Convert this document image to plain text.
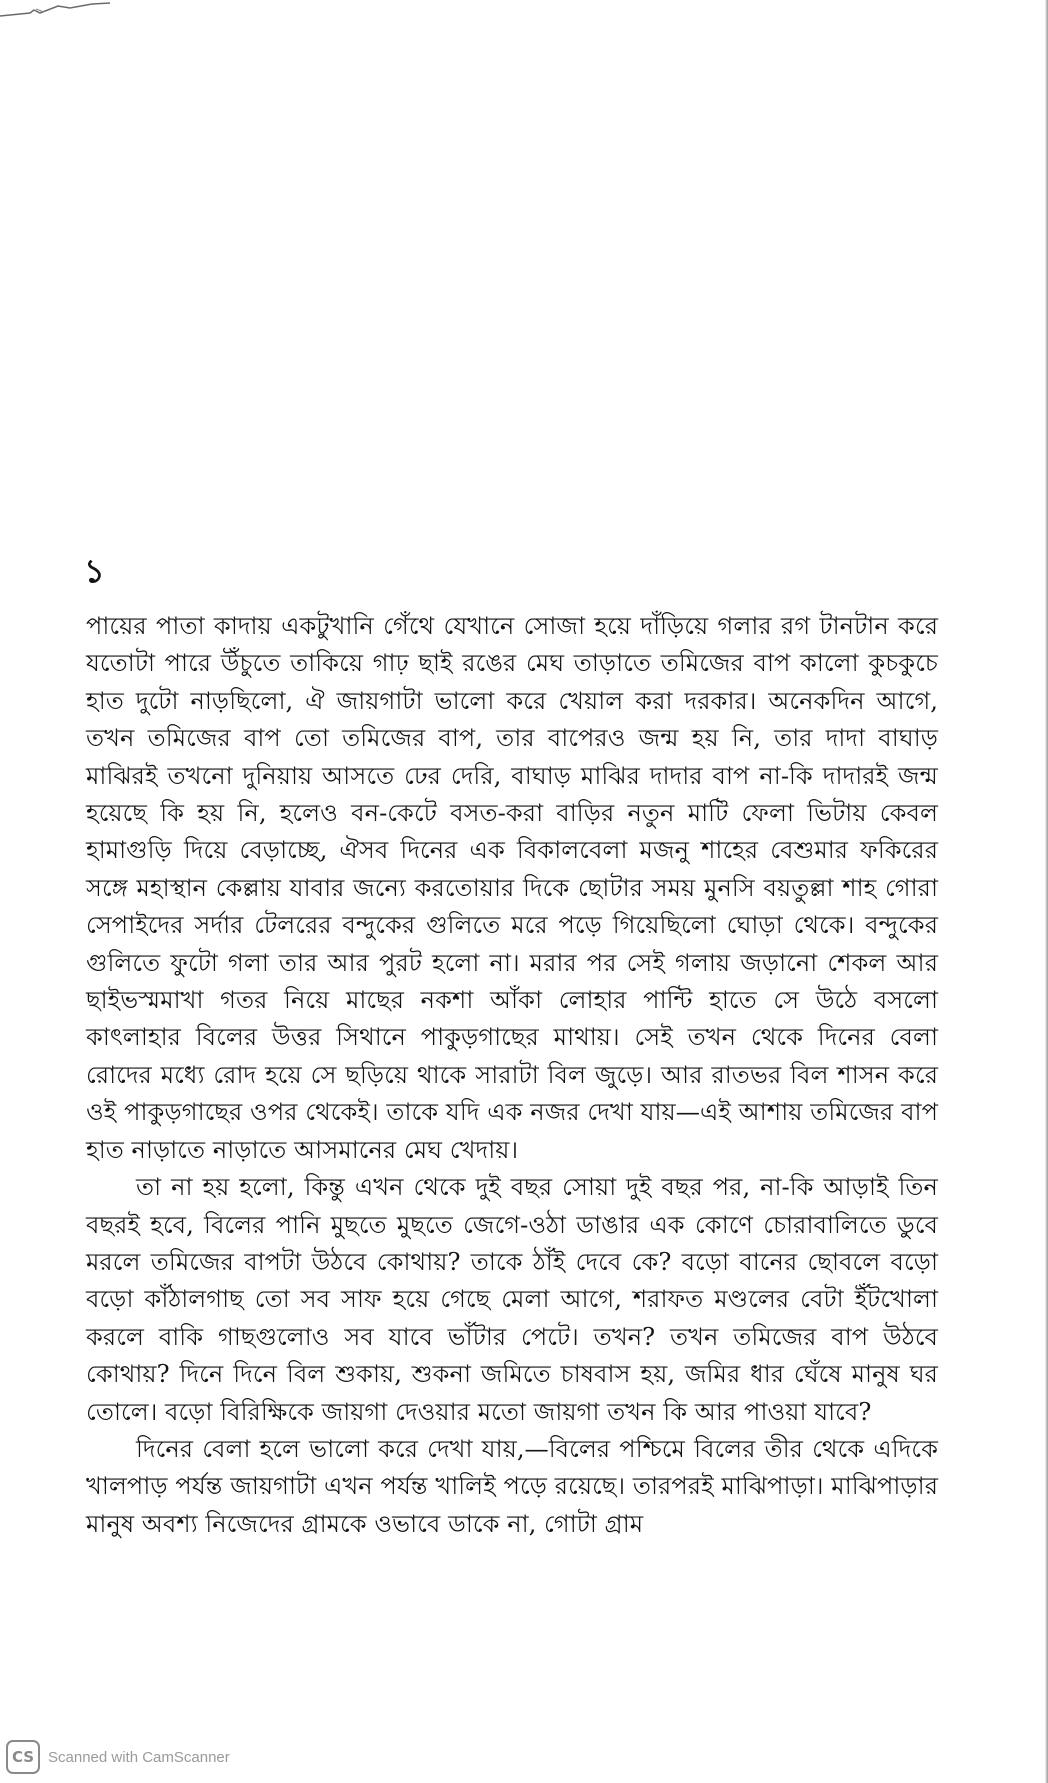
১

পায়ের পাতা কাদায় একটুখানি গেঁথে যেখানে সোজা হয়ে দাঁড়িয়ে গলার রগ টানটান করে যতোটা পারে উঁচুতে তাকিয়ে গাঢ় ছাই রঙের মেঘ তাড়াতে তমিজের বাপ কালো কুচকুচে হাত দুটো নাড়ছিলো, ঐ জায়গাটা ভালো করে খেয়াল করা দরকার। অনেকদিন আগে, তখন তমিজের বাপ তো তমিজের বাপ, তার বাপেরও জন্ম হয় নি, তার দাদা বাঘাড় মাঝিরই তখনো দুনিয়ায় আসতে ঢের দেরি, বাঘাড় মাঝির দাদার বাপ না-কি দাদারই জন্ম হয়েছে কি হয় নি, হলেও বন-কেটে বসত-করা বাড়ির নতুন মাটি ফেলা ভিটায় কেবল হামাগুড়ি দিয়ে বেড়াচ্ছে, ঐসব দিনের এক বিকালবেলা মজনু শাহের বেশুমার ফকিরের সঙ্গে মহাস্থান কেল্লায় যাবার জন্যে করতোয়ার দিকে ছোটার সময় মুনসি বয়তুল্লা শাহ গোরা সেপাইদের সর্দার টেলরের বন্দুকের গুলিতে মরে পড়ে গিয়েছিলো ঘোড়া থেকে। বন্দুকের গুলিতে ফুটো গলা তার আর পুরট হলো না। মরার পর সেই গলায় জড়ানো শেকল আর ছাইভস্মমাখা গতর নিয়ে মাছের নকশা আঁকা লোহার পান্টি হাতে সে উঠে বসলো কাৎলাহার বিলের উত্তর সিথানে পাকুড়গাছের মাথায়। সেই তখন থেকে দিনের বেলা রোদের মধ্যে রোদ হয়ে সে ছড়িয়ে থাকে সারাটা বিল জুড়ে। আর রাতভর বিল শাসন করে ওই পাকুড়গাছের ওপর থেকেই। তাকে যদি এক নজর দেখা যায়—এই আশায় তমিজের বাপ হাত নাড়াতে নাড়াতে আসমানের মেঘ খেদায়।

তা না হয় হলো, কিন্তু এখন থেকে দুই বছর সোয়া দুই বছর পর, না-কি আড়াই তিন বছরই হবে, বিলের পানি মুছতে মুছতে জেগে-ওঠা ডাঙার এক কোণে চোরাবালিতে ডুবে মরলে তমিজের বাপটা উঠবে কোথায়? তাকে ঠাঁই দেবে কে? বড়ো বানের ছোবলে বড়ো বড়ো কাঁঠালগাছ তো সব সাফ হয়ে গেছে মেলা আগে, শরাফত মণ্ডলের বেটা ইঁটখোলা করলে বাকি গাছগুলোও সব যাবে ভাঁটার পেটে। তখন? তখন তমিজের বাপ উঠবে কোথায়? দিনে দিনে বিল শুকায়, শুকনা জমিতে চাষবাস হয়, জমির ধার ঘেঁষে মানুষ ঘর তোলে। বড়ো বিরিক্ষিকে জায়গা দেওয়ার মতো জায়গা তখন কি আর পাওয়া যাবে?

দিনের বেলা হলে ভালো করে দেখা যায়,—বিলের পশ্চিমে বিলের তীর থেকে এদিকে খালপাড় পর্যন্ত জায়গাটা এখন পর্যন্ত খালিই পড়ে রয়েছে। তারপরই মাঝিপাড়া। মাঝিপাড়ার মানুষ অবশ্য নিজেদের গ্রামকে ওভাবে ডাকে না, গোটা গ্রাম

CS Scanned with CamScanner
